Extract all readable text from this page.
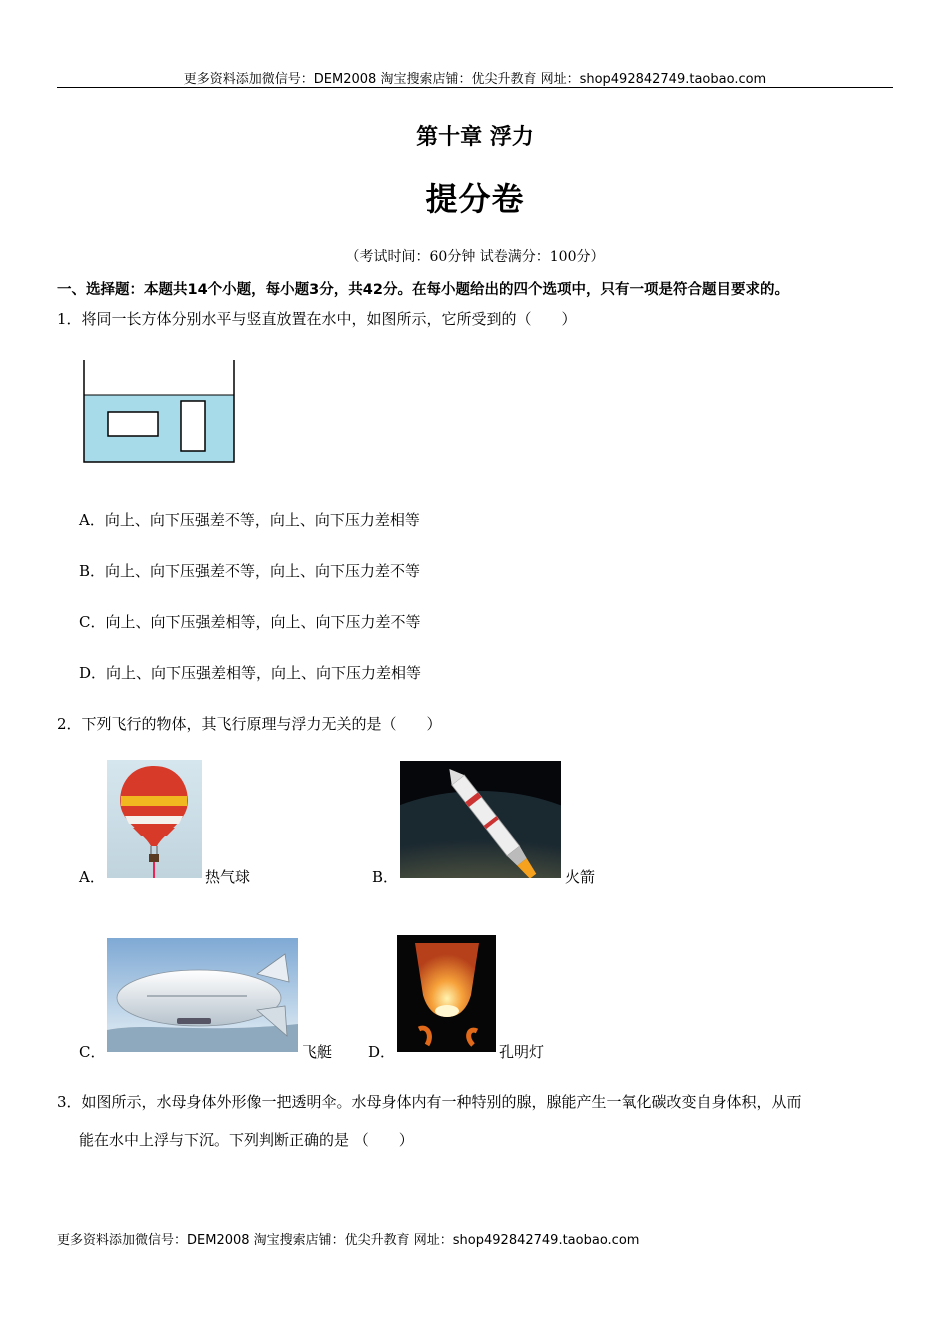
更多资料添加微信号：DEM2008 淘宝搜索店铺：优尖升教育 网址：shop492842749.taobao.com
第十章 浮力
提分卷
（考试时间：60分钟 试卷满分：100分）
一、选择题：本题共14个小题，每小题3分，共42分。在每小题给出的四个选项中，只有一项是符合题目要求的。
1．将同一长方体分别水平与竖直放置在水中，如图所示，它所受到的（　　）
A．向上、向下压强差不等，向上、向下压力差相等
B．向上、向下压强差不等，向上、向下压力差不等
C．向上、向下压强差相等，向上、向下压力差不等
D．向上、向下压强差相等，向上、向下压力差相等
2．下列飞行的物体，其飞行原理与浮力无关的是（　　）
A．	热气球	B．	火箭
C．	飞艇 D．	孔明灯
3．如图所示，水母身体外形像一把透明伞。水母身体内有一种特别的腺，腺能产生一氧化碳改变自身体积，从而
能在水中上浮与下沉。下列判断正确的是 （　　）
更多资料添加微信号：DEM2008 淘宝搜索店铺：优尖升教育 网址：shop492842749.taobao.com
